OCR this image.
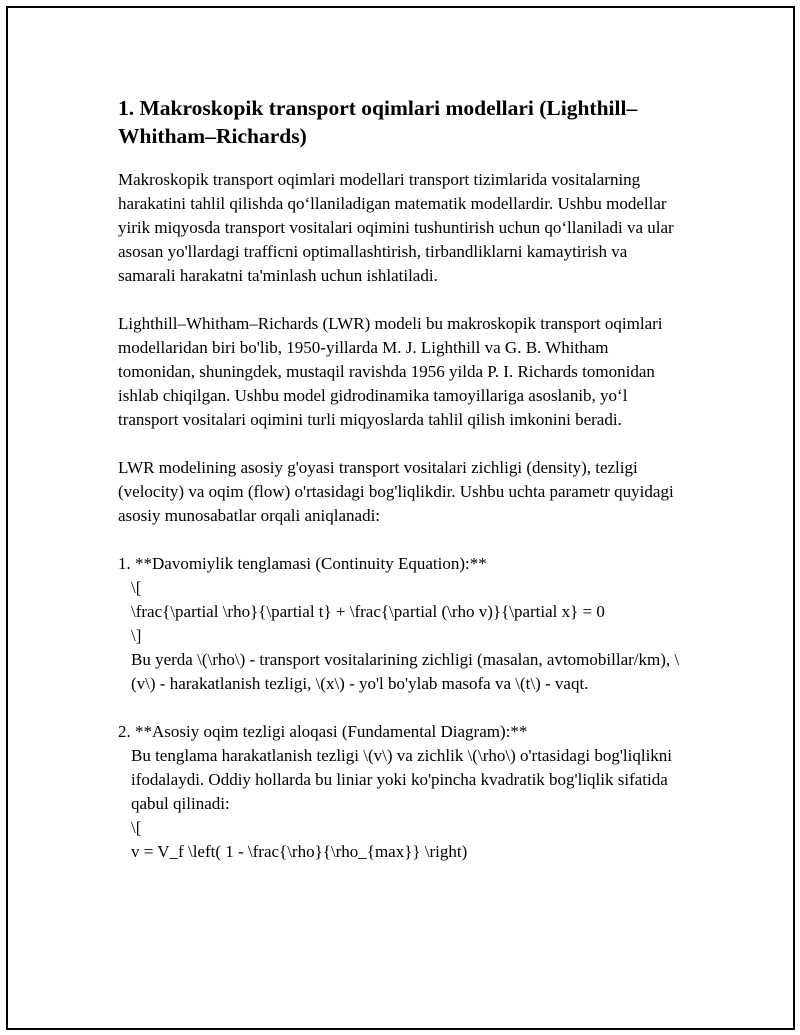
1. Makroskopik transport oqimlari modellari (Lighthill–Whitham–Richards)

Makroskopik transport oqimlari modellari transport tizimlarida vositalarning harakatini tahlil qilishda qo‘llaniladigan matematik modellardir. Ushbu modellar yirik miqyosda transport vositalari oqimini tushuntirish uchun qo‘llaniladi va ular asosan yo'llardagi trafficni optimallashtirish, tirbandliklarni kamaytirish va samarali harakatni ta'minlash uchun ishlatiladi.

Lighthill–Whitham–Richards (LWR) modeli bu makroskopik transport oqimlari modellaridan biri bo'lib, 1950-yillarda M. J. Lighthill va G. B. Whitham tomonidan, shuningdek, mustaqil ravishda 1956 yilda P. I. Richards tomonidan ishlab chiqilgan. Ushbu model gidrodinamika tamoyillariga asoslanib, yo‘l transport vositalari oqimini turli miqyoslarda tahlil qilish imkonini beradi.

LWR modelining asosiy g'oyasi transport vositalari zichligi (density), tezligi (velocity) va oqim (flow) o'rtasidagi bog'liqlikdir. Ushbu uchta parametr quyidagi asosiy munosabatlar orqali aniqlanadi:

1. **Davomiylik tenglamasi (Continuity Equation):**

\[

\frac{\partial \rho}{\partial t} + \frac{\partial (\rho v)}{\partial x} = 0

\]

Bu yerda \(\rho\) - transport vositalarining zichligi (masalan, avtomobillar/km), \(v\) - harakatlanish tezligi, \(x\) - yo'l bo'ylab masofa va \(t\) - vaqt.

2. **Asosiy oqim tezligi aloqasi (Fundamental Diagram):**

Bu tenglama harakatlanish tezligi \(v\) va zichlik \(\rho\) o'rtasidagi bog'liqlikni ifodalaydi. Oddiy hollarda bu liniar yoki ko'pincha kvadratik bog'liqlik sifatida qabul qilinadi:

\[

v = V_f \left( 1 - \frac{\rho}{\rho_{max}} \right)
